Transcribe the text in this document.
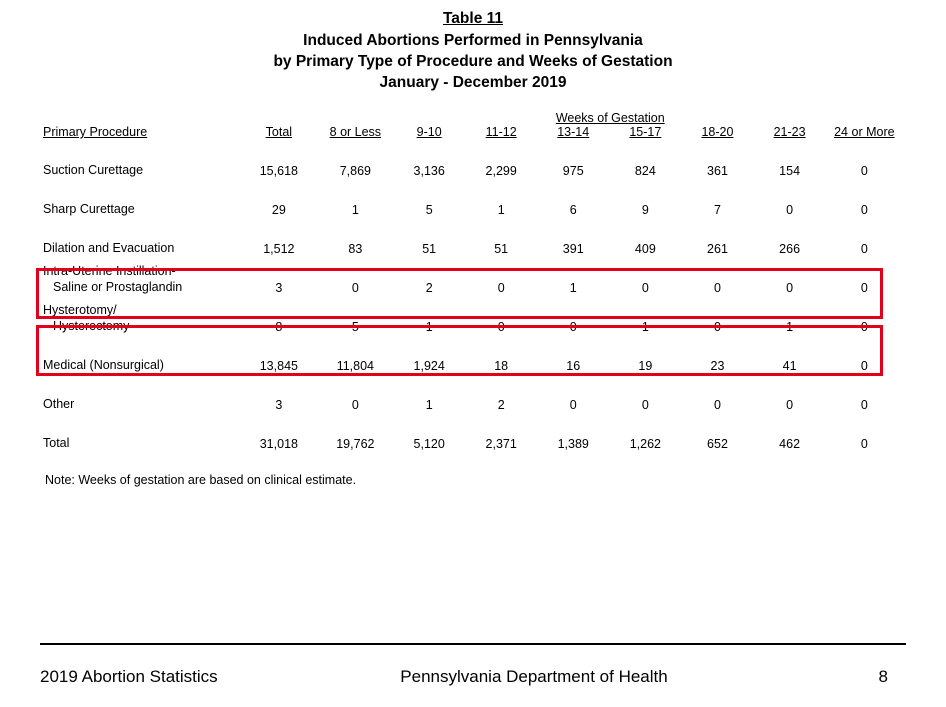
Table 11
Induced Abortions Performed in Pennsylvania
by Primary Type of Procedure and Weeks of Gestation
January - December 2019
		Weeks of Gestation							
Primary Procedure	Total	8 or Less	9-10	11-12	13-14	15-17	18-20	21-23	24 or More
Suction Curettage	15,618	7,869	3,136	2,299	975	824	361	154	0
Sharp Curettage	29	1	5	1	6	9	7	0	0
Dilation and Evacuation	1,512	83	51	51	391	409	261	266	0
Intra-Uterine Instillation-
Saline or Prostaglandin	3	0	2	0	1	0	0	0	0
Hysterotomy/
Hysterectomy	8	5	1	0	0	1	0	1	0
Medical (Nonsurgical)	13,845	11,804	1,924	18	16	19	23	41	0
Other	3	0	1	2	0	0	0	0	0
Total	31,018	19,762	5,120	2,371	1,389	1,262	652	462	0
Note: Weeks of gestation are based on clinical estimate.
2019 Abortion Statistics	Pennsylvania Department of Health	8
